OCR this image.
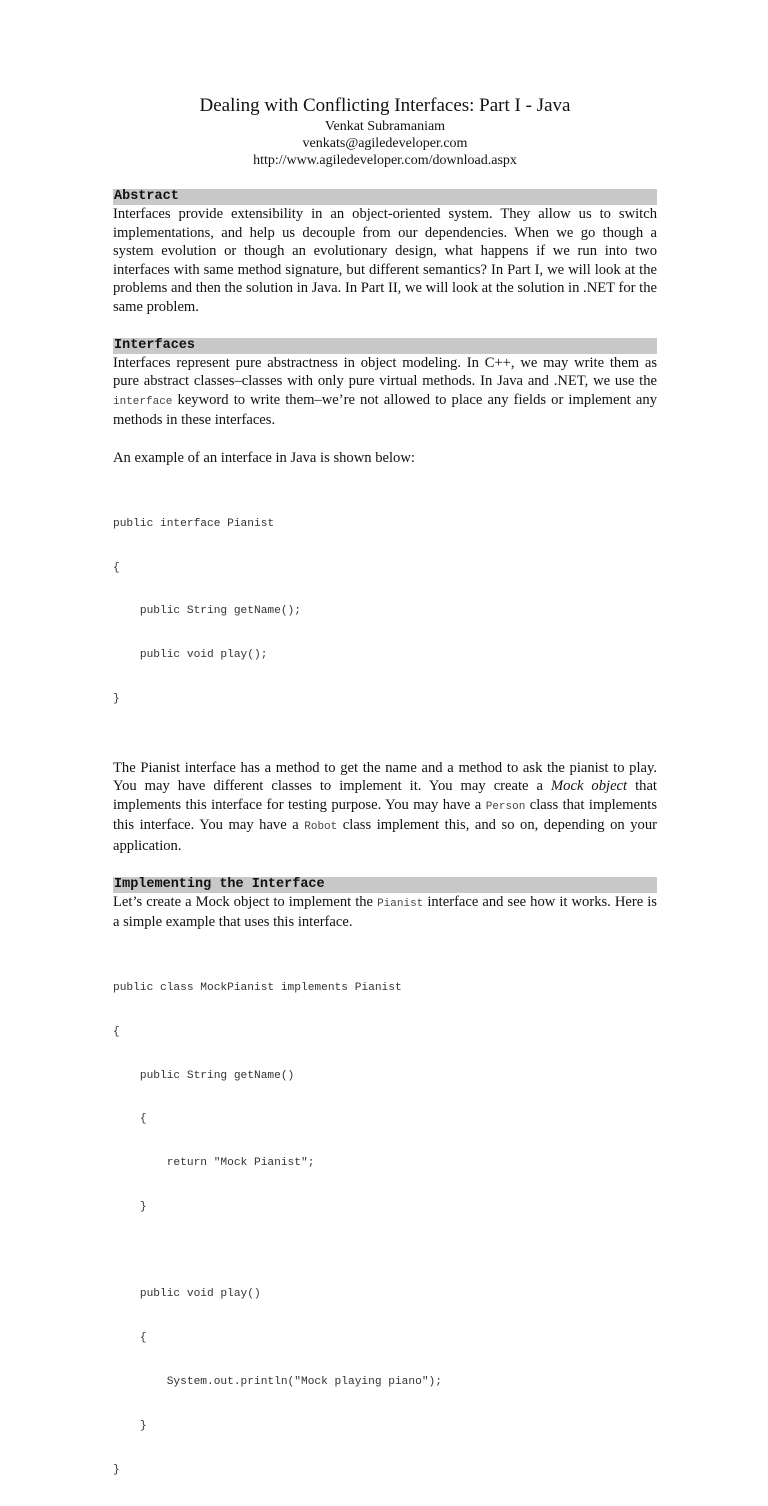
Dealing with Conflicting Interfaces: Part I - Java
Venkat Subramaniam
venkats@agiledeveloper.com
http://www.agiledeveloper.com/download.aspx
Abstract

Interfaces provide extensibility in an object-oriented system. They allow us to switch implementations, and help us decouple from our dependencies. When we go though a system evolution or though an evolutionary design, what happens if we run into two interfaces with same method signature, but different semantics? In Part I, we will look at the problems and then the solution in Java. In Part II, we will look at the solution in .NET for the same problem.

Interfaces

Interfaces represent pure abstractness in object modeling. In C++, we may write them as pure abstract classes–classes with only pure virtual methods. In Java and .NET, we use the interface keyword to write them–we’re not allowed to place any fields or implement any methods in these interfaces.

An example of an interface in Java is shown below:

public interface Pianist

{

public String getName();

public void play();

}

The Pianist interface has a method to get the name and a method to ask the pianist to play. You may have different classes to implement it. You may create a Mock object that implements this interface for testing purpose. You may have a Person class that implements this interface. You may have a Robot class implement this, and so on, depending on your application.

Implementing the Interface

Let’s create a Mock object to implement the Pianist interface and see how it works. Here is a simple example that uses this interface.

public class MockPianist implements Pianist

{

public String getName()

{

return "Mock Pianist";

}

public void play()

{

System.out.println("Mock playing piano");

}

}
